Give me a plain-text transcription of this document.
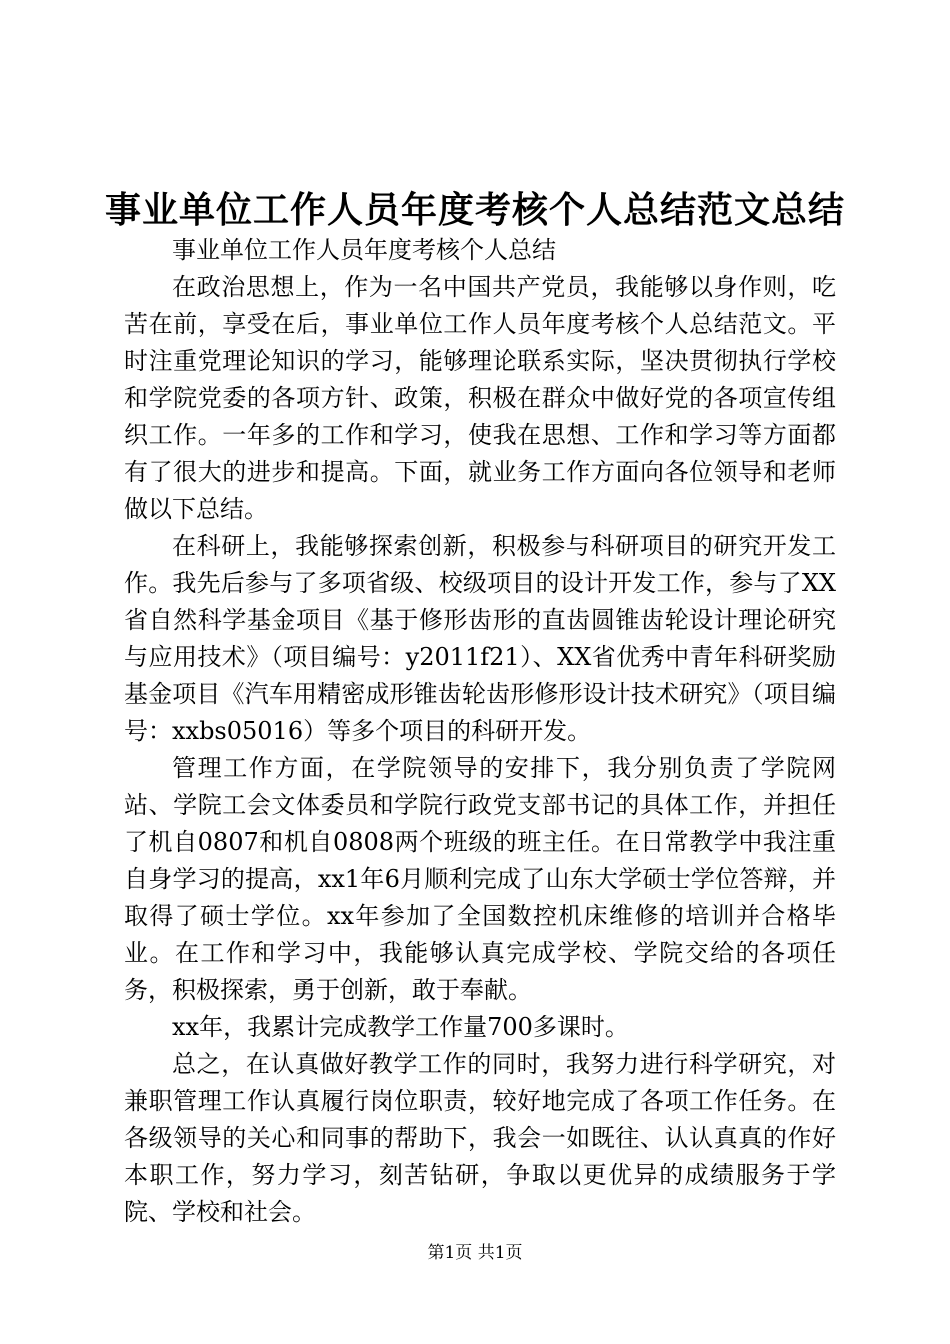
事业单位工作人员年度考核个人总结范文总结

事业单位工作人员年度考核个人总结

在政治思想上，作为一名中国共产党员，我能够以身作则，吃苦在前，享受在后，事业单位工作人员年度考核个人总结范文。平时注重党理论知识的学习，能够理论联系实际，坚决贯彻执行学校和学院党委的各项方针、政策，积极在群众中做好党的各项宣传组织工作。一年多的工作和学习，使我在思想、工作和学习等方面都有了很大的进步和提高。下面，就业务工作方面向各位领导和老师做以下总结。

在科研上，我能够探索创新，积极参与科研项目的研究开发工作。我先后参与了多项省级、校级项目的设计开发工作，参与了XX省自然科学基金项目《基于修形齿形的直齿圆锥齿轮设计理论研究与应用技术》（项目编号：y2011f21）、XX省优秀中青年科研奖励基金项目《汽车用精密成形锥齿轮齿形修形设计技术研究》（项目编号：xxbs05016）等多个项目的科研开发。

管理工作方面，在学院领导的安排下，我分别负责了学院网站、学院工会文体委员和学院行政党支部书记的具体工作，并担任了机自0807和机自0808两个班级的班主任。在日常教学中我注重自身学习的提高，xx1年6月顺利完成了山东大学硕士学位答辩，并取得了硕士学位。xx年参加了全国数控机床维修的培训并合格毕业。在工作和学习中，我能够认真完成学校、学院交给的各项任务，积极探索，勇于创新，敢于奉献。

xx年，我累计完成教学工作量700多课时。

总之，在认真做好教学工作的同时，我努力进行科学研究，对兼职管理工作认真履行岗位职责，较好地完成了各项工作任务。在各级领导的关心和同事的帮助下，我会一如既往、认认真真的作好本职工作，努力学习，刻苦钻研，争取以更优异的成绩服务于学院、学校和社会。

第1页 共1页
